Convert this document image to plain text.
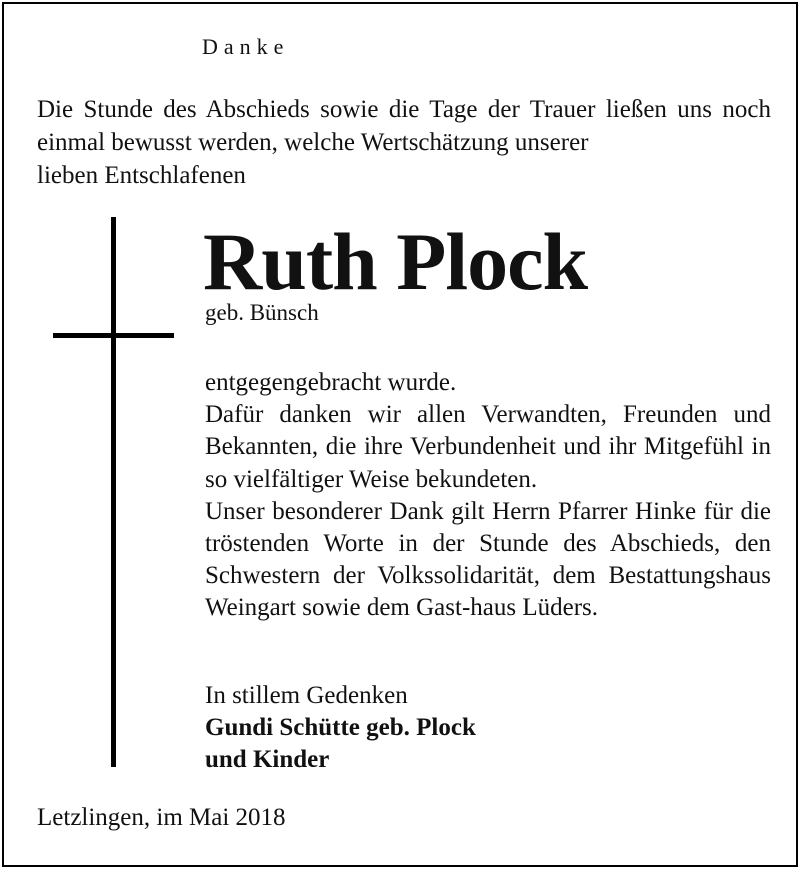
Danke
Die Stunde des Abschieds sowie die Tage der Trauer ließen uns noch einmal bewusst werden, welche Wertschätzung unserer
lieben Entschlafenen
Ruth Plock
geb. Bünsch

entgegengebracht wurde.

Dafür danken wir allen Verwandten, Freunden und Bekannten, die ihre Verbundenheit und ihr Mitgefühl in so vielfältiger Weise bekundeten.

Unser besonderer Dank gilt Herrn Pfarrer Hinke für die tröstenden Worte in der Stunde des Abschieds, den Schwestern der Volkssolidarität, dem Bestattungshaus Weingart sowie dem Gast-haus Lüders.

In stillem Gedenken
Gundi Schütte geb. Plock
und Kinder
Letzlingen, im Mai 2018
